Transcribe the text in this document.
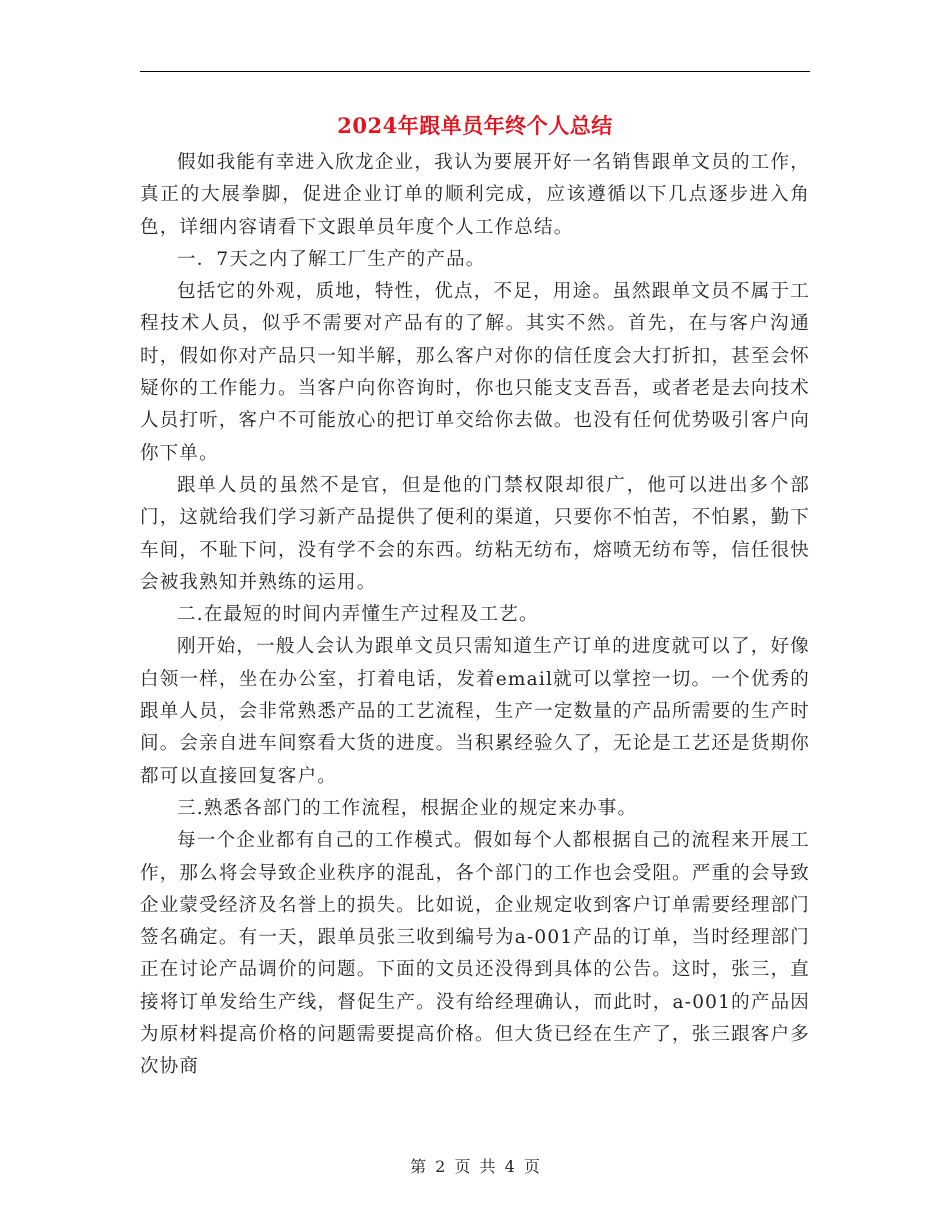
2024年跟单员年终个人总结

假如我能有幸进入欣龙企业，我认为要展开好一名销售跟单文员的工作，真正的大展拳脚，促进企业订单的顺利完成，应该遵循以下几点逐步进入角色，详细内容请看下文跟单员年度个人工作总结。

一．7天之内了解工厂生产的产品。

包括它的外观，质地，特性，优点，不足，用途。虽然跟单文员不属于工程技术人员，似乎不需要对产品有的了解。其实不然。首先，在与客户沟通时，假如你对产品只一知半解，那么客户对你的信任度会大打折扣，甚至会怀疑你的工作能力。当客户向你咨询时，你也只能支支吾吾，或者老是去向技术人员打听，客户不可能放心的把订单交给你去做。也没有任何优势吸引客户向你下单。

跟单人员的虽然不是官，但是他的门禁权限却很广，他可以进出多个部门，这就给我们学习新产品提供了便利的渠道，只要你不怕苦，不怕累，勤下车间，不耻下问，没有学不会的东西。纺粘无纺布，熔喷无纺布等，信任很快会被我熟知并熟练的运用。

二.在最短的时间内弄懂生产过程及工艺。

刚开始，一般人会认为跟单文员只需知道生产订单的进度就可以了，好像白领一样，坐在办公室，打着电话，发着email就可以掌控一切。一个优秀的跟单人员，会非常熟悉产品的工艺流程，生产一定数量的产品所需要的生产时间。会亲自进车间察看大货的进度。当积累经验久了，无论是工艺还是货期你都可以直接回复客户。

三.熟悉各部门的工作流程，根据企业的规定来办事。

每一个企业都有自己的工作模式。假如每个人都根据自己的流程来开展工作，那么将会导致企业秩序的混乱，各个部门的工作也会受阻。严重的会导致企业蒙受经济及名誉上的损失。比如说，企业规定收到客户订单需要经理部门签名确定。有一天，跟单员张三收到编号为a-001产品的订单，当时经理部门正在讨论产品调价的问题。下面的文员还没得到具体的公告。这时，张三，直接将订单发给生产线，督促生产。没有给经理确认，而此时，a-001的产品因为原材料提高价格的问题需要提高价格。但大货已经在生产了，张三跟客户多次协商

第 2 页 共 4 页
